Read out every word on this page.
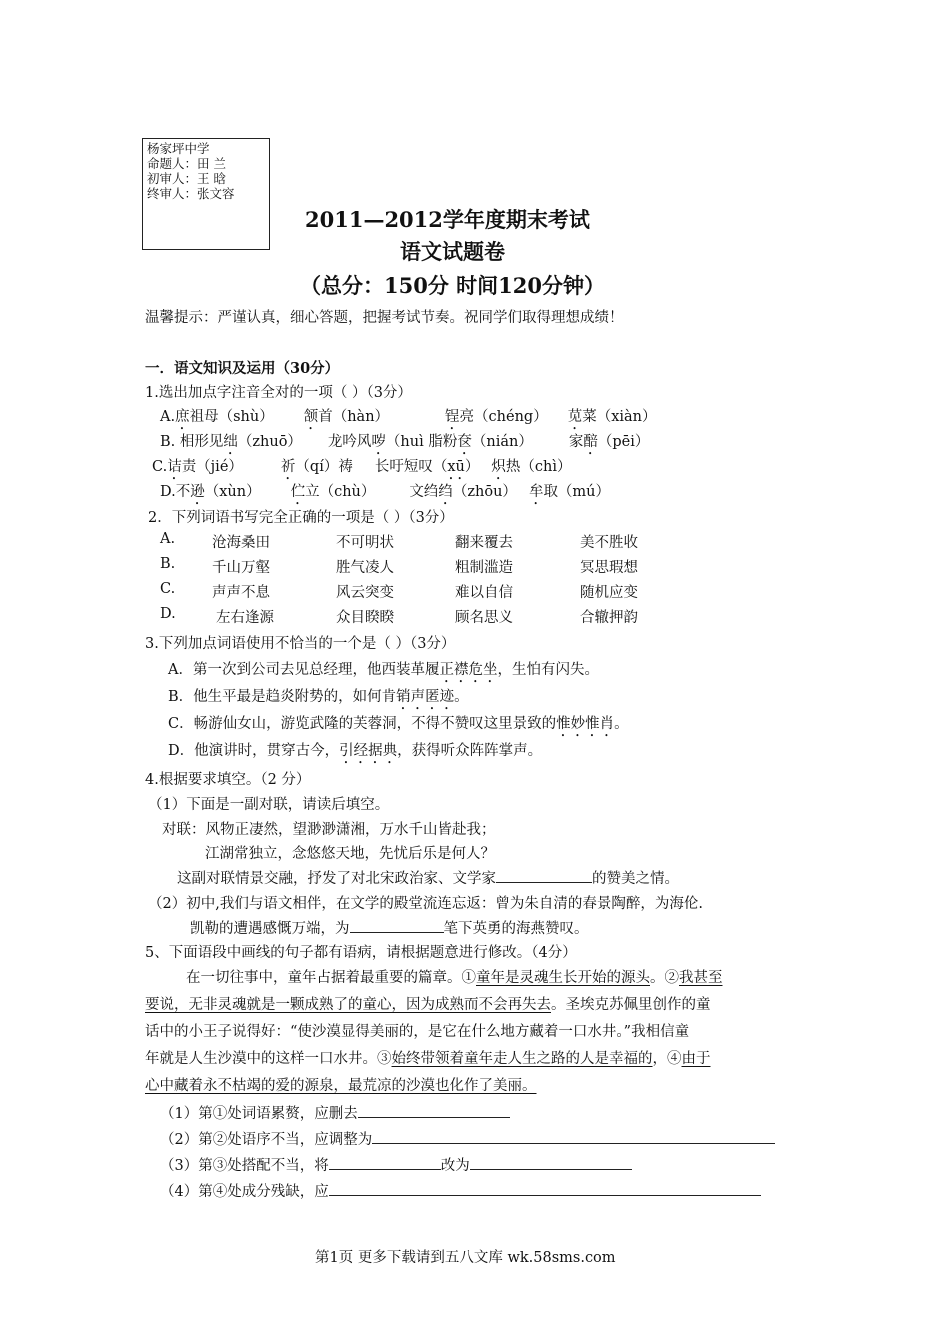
杨家坪中学
命题人：田 兰
初审人：王 晗
终审人：张文容
2011—2012学年度期末考试
语文试题卷
（总分：150分 时间120分钟）
温馨提示：严谨认真，细心答题，把握考试节奏。祝同学们取得理想成绩！
一．语文知识及运用（30分）
1.选出加点字注音全对的一项（ ）（3分）
A.庶祖母（shù） 颔首（hàn）	锃亮（chéng） 苋菜（xiàn）
B. 相形见绌（zhuō） 龙吟风哕（huì 脂粉奁（nián） 家醅（pēi）
C.诘责（jié）	祈（qí）祷 长吁短叹（xū） 炽热（chì）
D.不逊（xùn） 伫立（chù） 文绉绉（zhōu） 牟取（mú）
2．下列词语书写完全正确的一项是（ ）（3分）
A.	沧海桑田	不可明状	翻来覆去	美不胜收
B.	千山万壑	胜气凌人	粗制滥造	冥思瑕想
C.	声声不息	风云突变	难以自信	随机应变
D.	左右逢源	众目睽睽	顾名思义	合辙押韵
3.下列加点词语使用不恰当的一个是（ ）（3分）
A．第一次到公司去见总经理，他西装革履正襟危坐，生怕有闪失。
B．他生平最是趋炎附势的，如何肯销声匿迹。
C．畅游仙女山，游览武隆的芙蓉洞，不得不赞叹这里景致的惟妙惟肖。
D．他演讲时，贯穿古今，引经据典，获得听众阵阵掌声。
4.根据要求填空。（2 分）
（1）下面是一副对联，请读后填空。
对联：风物正凄然，望渺渺潇湘，万水千山皆赴我；
江湖常独立，念悠悠天地，先忧后乐是何人？
这副对联情景交融，抒发了对北宋政治家、文学家	的赞美之情。
（2）初中,我们与语文相伴，在文学的殿堂流连忘返：曾为朱自清的春景陶醉，为海伦.
凯勒的遭遇感慨万端，为	笔下英勇的海燕赞叹。
5、下面语段中画线的句子都有语病，请根据题意进行修改。（4分）
在一切往事中，童年占据着最重要的篇章。①童年是灵魂生长开始的源头。②我甚至
要说，无非灵魂就是一颗成熟了的童心，因为成熟而不会再失去。圣埃克苏佩里创作的童
话中的小王子说得好：“使沙漠显得美丽的，是它在什么地方藏着一口水井。”我相信童
年就是人生沙漠中的这样一口水井。③始终带领着童年走人生之路的人是幸福的，④由于
心中藏着永不枯竭的爱的源泉，最荒凉的沙漠也化作了美丽。
（1）第①处词语累赘，应删去
（2）第②处语序不当，应调整为
（3）第③处搭配不当，将	改为
（4）第④处成分残缺，应
第1页 更多下载请到五八文库 wk.58sms.com
